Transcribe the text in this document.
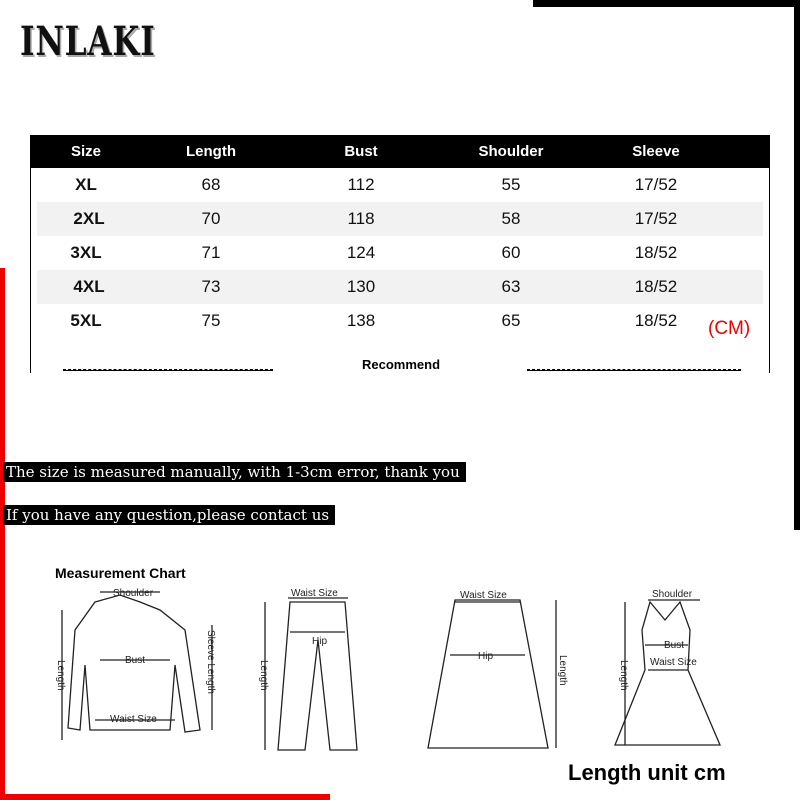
INLAKI
Size	Length	Bust	Shoulder	Sleeve
XL	68	112	55	17/52
2XL	70	118	58	17/52
3XL	71	124	60	18/52
4XL	73	130	63	18/52
5XL	75	138	65	18/52	(CM)
Recommend
The size is measured manually, with 1-3cm error, thank you
If you have any question,please contact us
Measurement Chart
Shoulder
Bust
Waist Size
Length	Sleeve Length
Waist Size
Hip
Length
Waist Size
Hip	Length
Shoulder
Bust
Waist Size
Length
Length unit cm
